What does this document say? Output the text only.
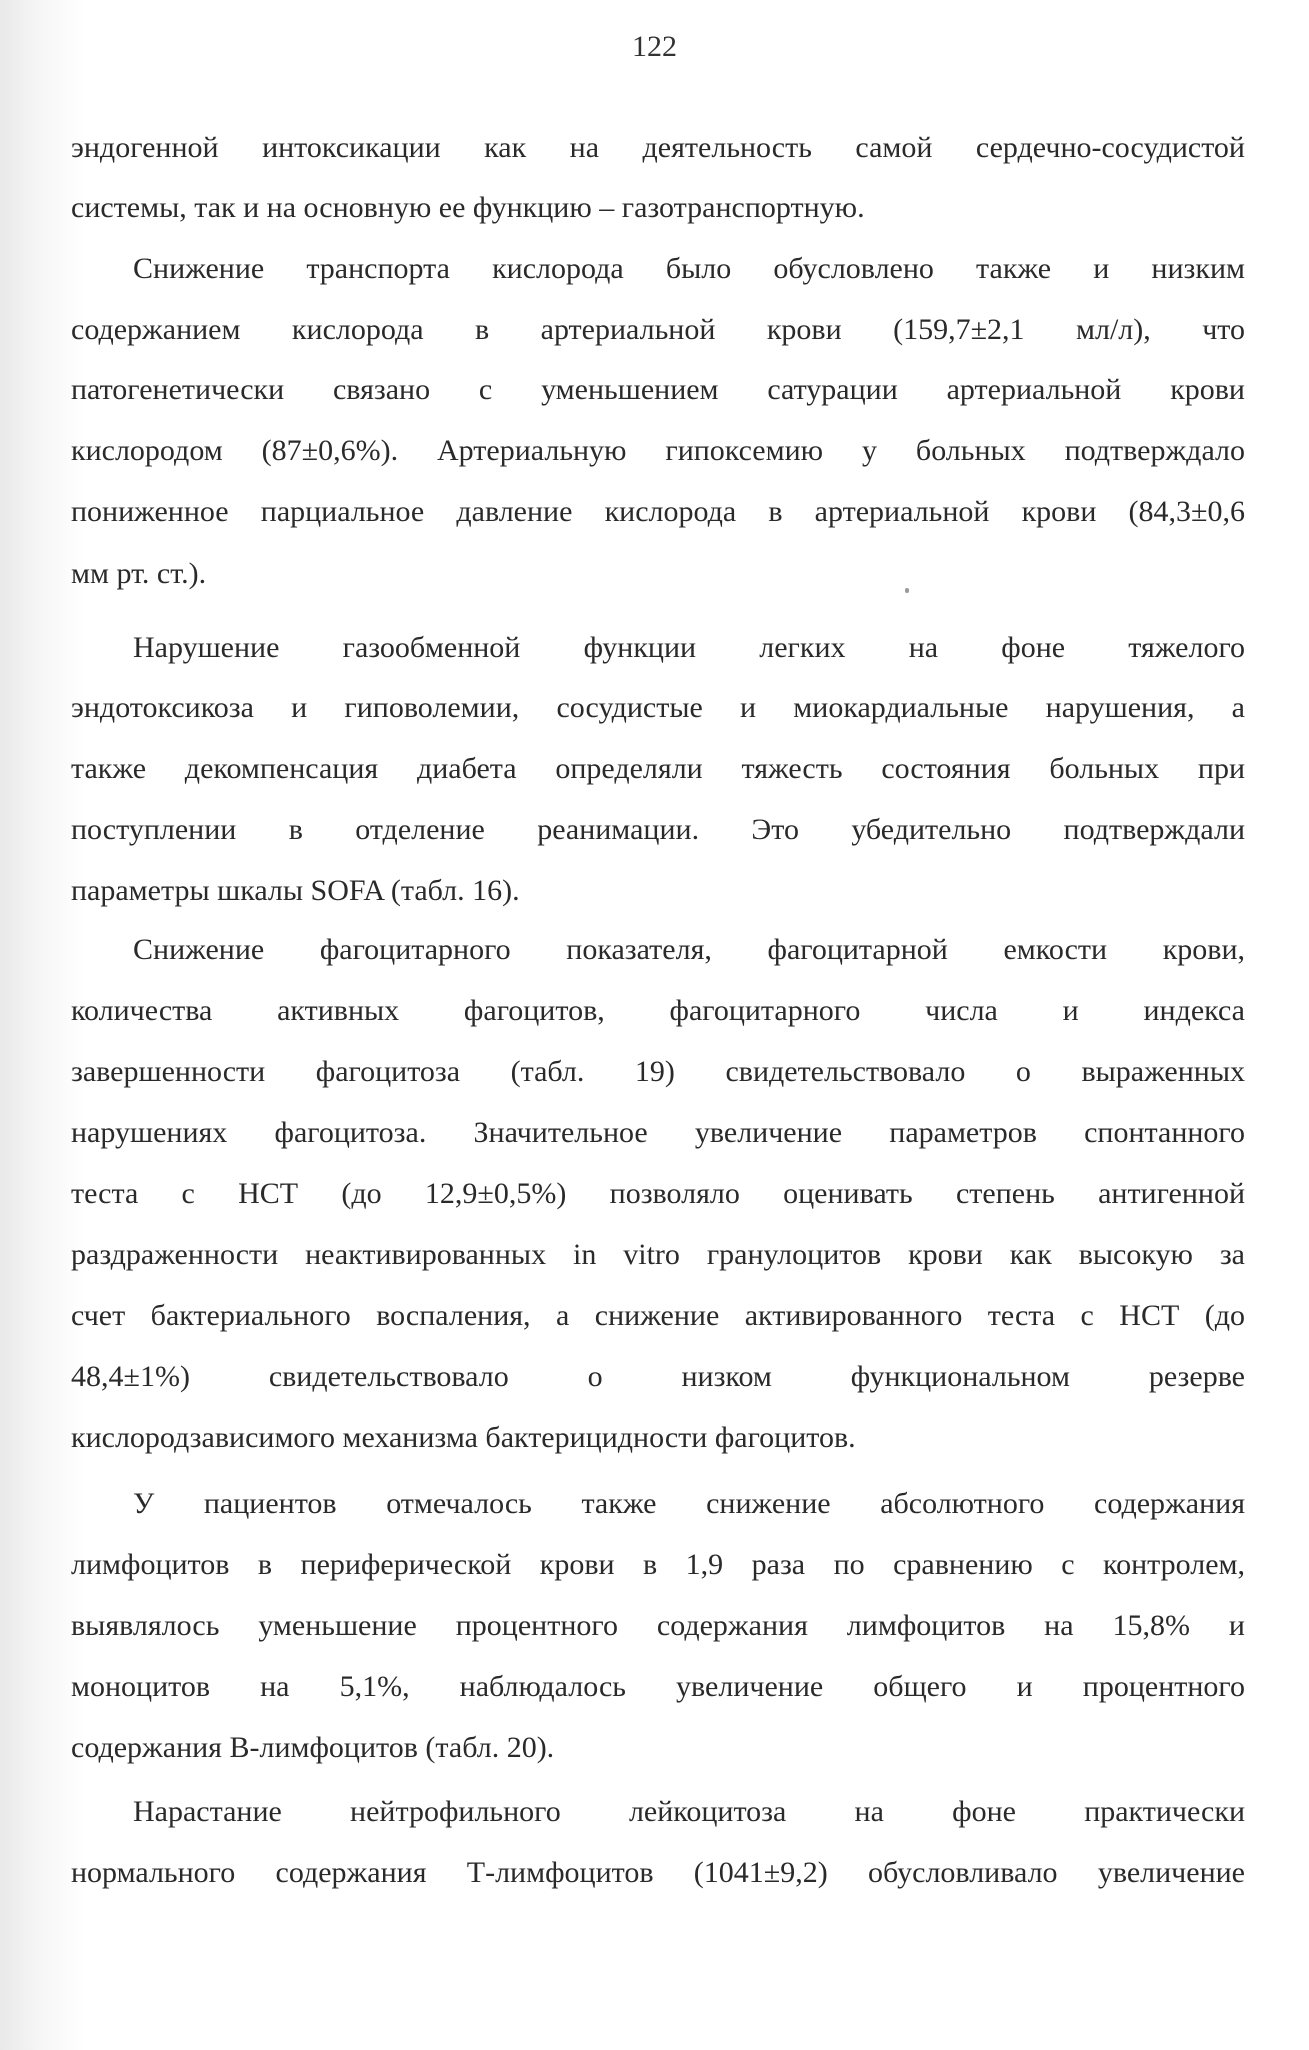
122
эндогенной интоксикации как на деятельность самой сердечно-сосудистой
системы, так и на основную ее функцию – газотранспортную.
Снижение транспорта кислорода было обусловлено также и низким
содержанием кислорода в артериальной крови (159,7±2,1 мл/л), что
патогенетически связано с уменьшением сатурации артериальной крови
кислородом (87±0,6%). Артериальную гипоксемию у больных подтверждало
пониженное парциальное давление кислорода в артериальной крови (84,3±0,6
мм рт. ст.).
Нарушение газообменной функции легких на фоне тяжелого
эндотоксикоза и гиповолемии, сосудистые и миокардиальные нарушения, а
также декомпенсация диабета определяли тяжесть состояния больных при
поступлении в отделение реанимации. Это убедительно подтверждали
параметры шкалы SOFA (табл. 16).
Снижение фагоцитарного показателя, фагоцитарной емкости крови,
количества активных фагоцитов, фагоцитарного числа и индекса
завершенности фагоцитоза (табл. 19) свидетельствовало о выраженных
нарушениях фагоцитоза. Значительное увеличение параметров спонтанного
теста с НСТ (до 12,9±0,5%) позволяло оценивать степень антигенной
раздраженности неактивированных in vitro гранулоцитов крови как высокую за
счет бактериального воспаления, а снижение активированного теста с НСТ (до
48,4±1%) свидетельствовало о низком функциональном резерве
кислородзависимого механизма бактерицидности фагоцитов.
У пациентов отмечалось также снижение абсолютного содержания
лимфоцитов в периферической крови в 1,9 раза по сравнению с контролем,
выявлялось уменьшение процентного содержания лимфоцитов на 15,8% и
моноцитов на 5,1%, наблюдалось увеличение общего и процентного
содержания В-лимфоцитов (табл. 20).
Нарастание нейтрофильного лейкоцитоза на фоне практически
нормального содержания Т-лимфоцитов (1041±9,2) обусловливало увеличение
